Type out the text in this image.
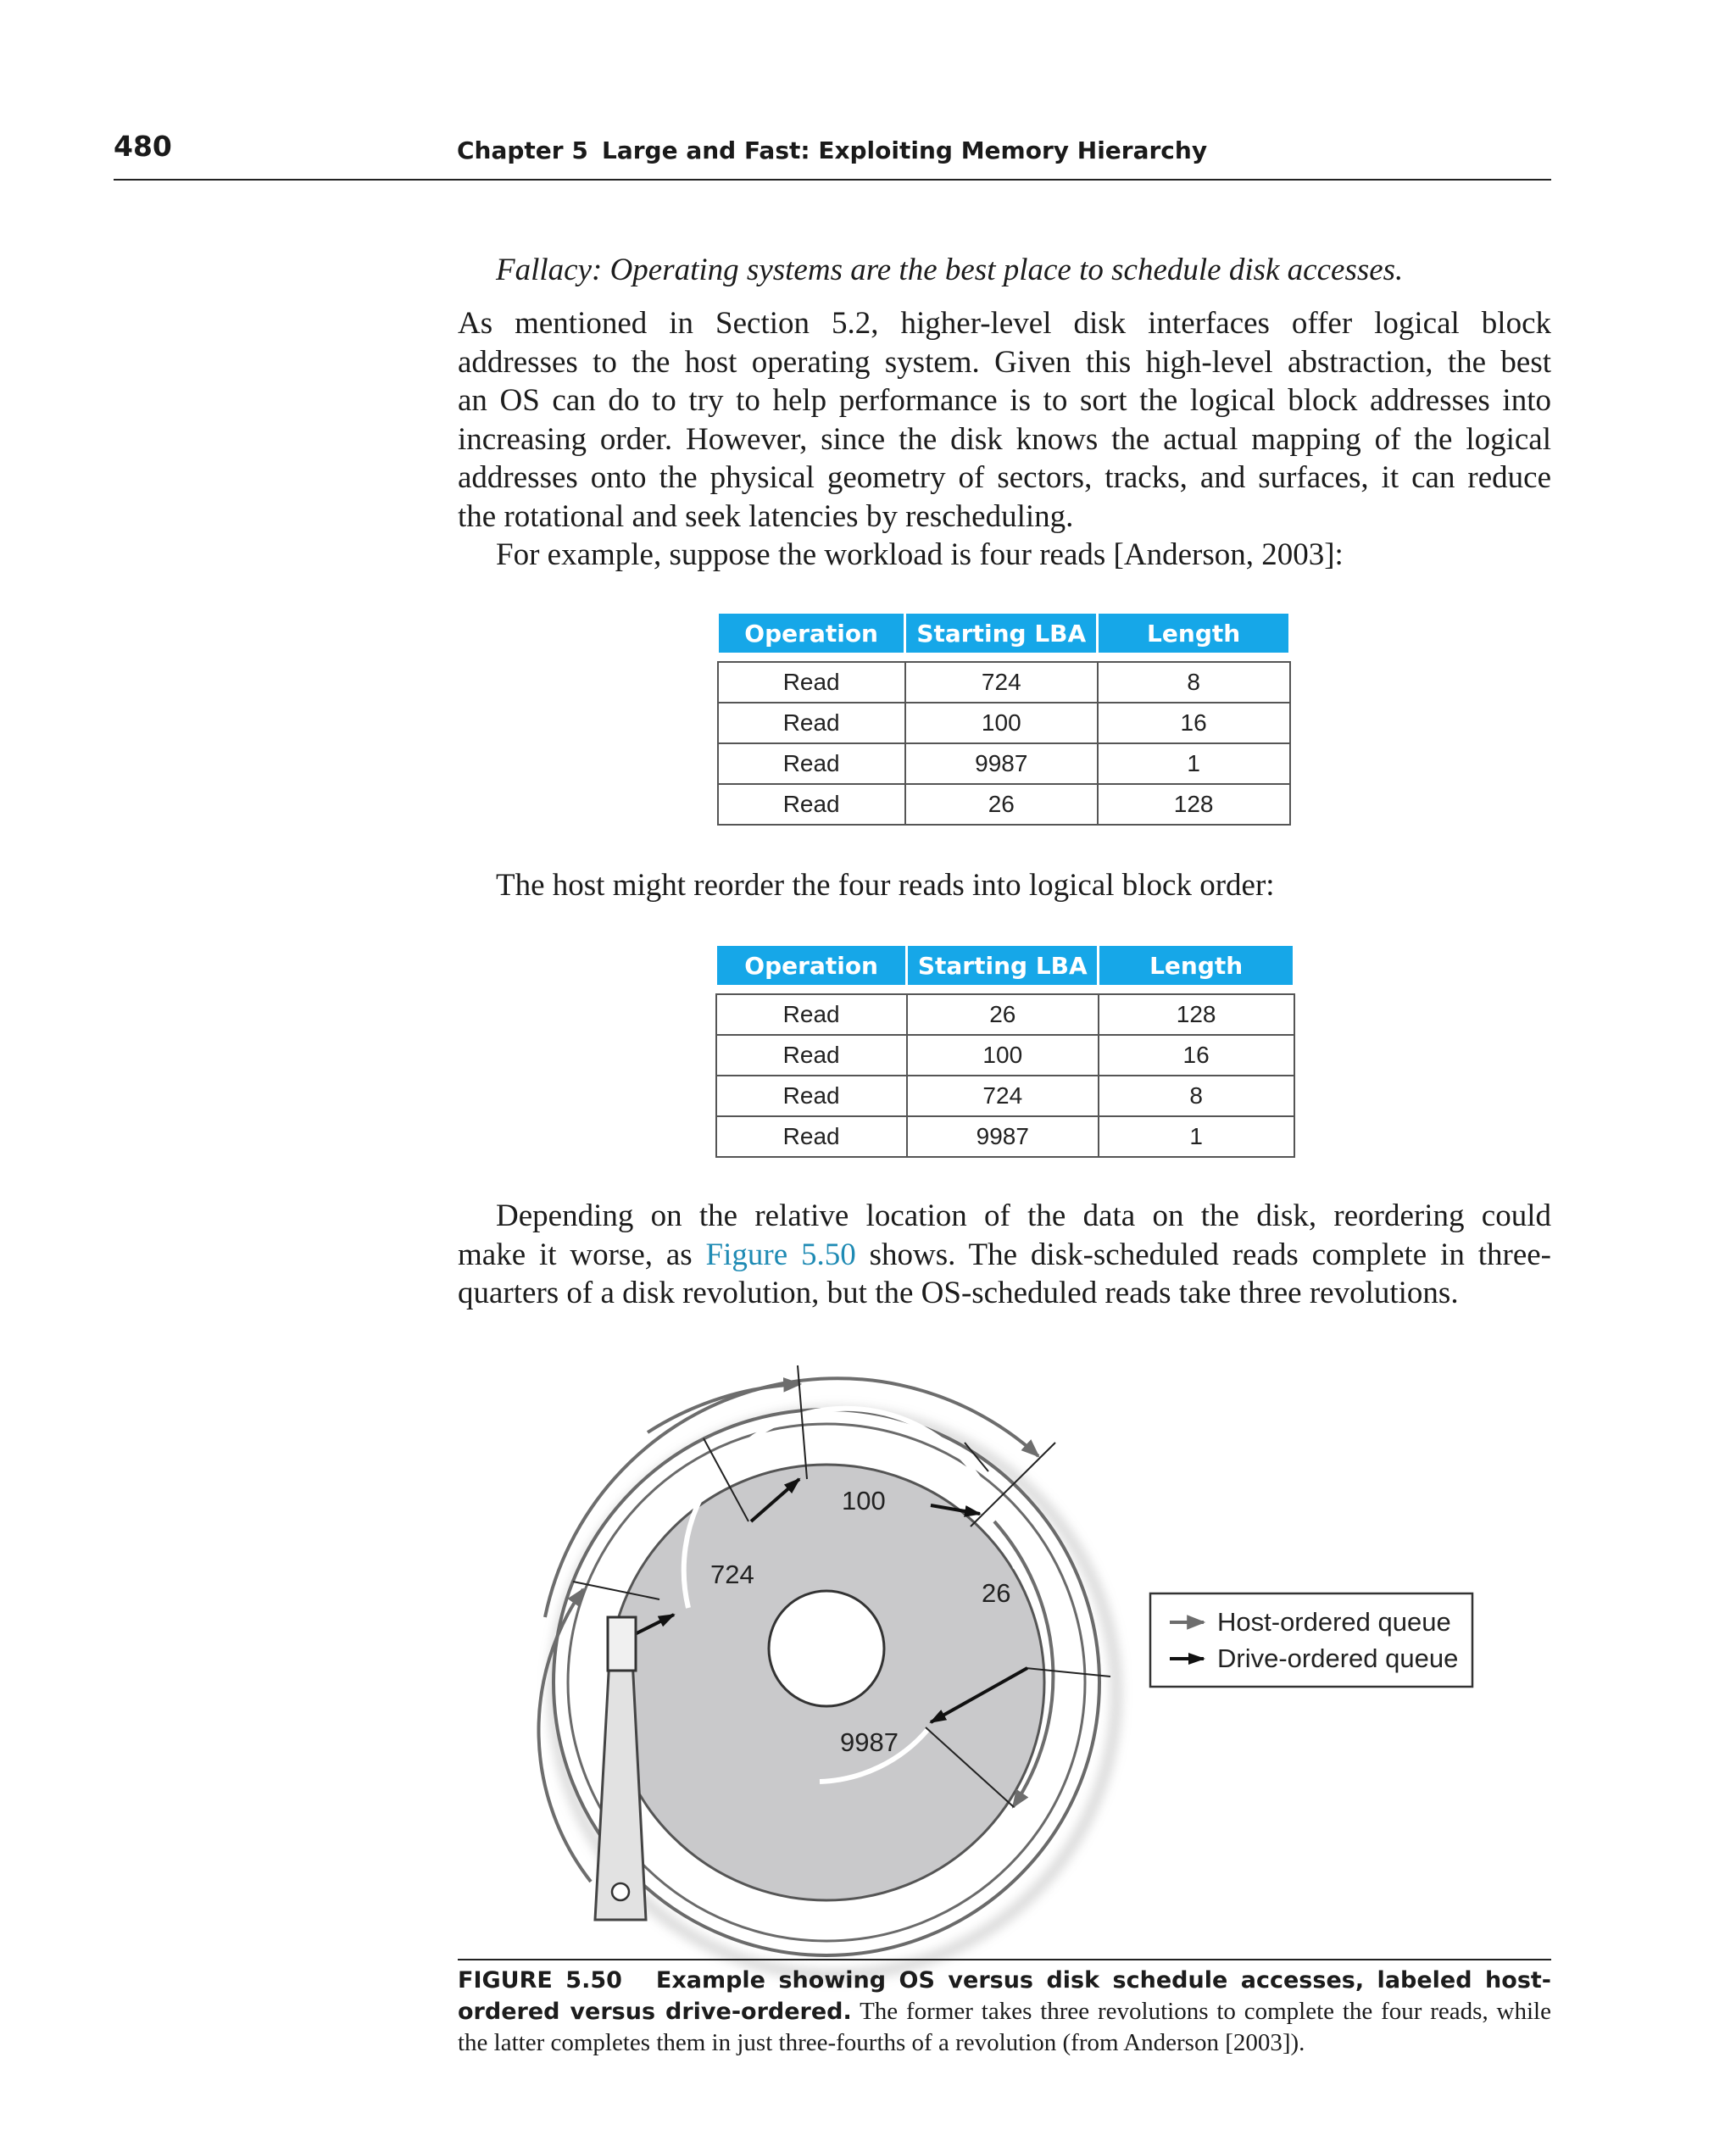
480	Chapter 5 Large and Fast: Exploiting Memory Hierarchy
Fallacy: Operating systems are the best place to schedule disk accesses.
As mentioned in Section 5.2, higher-level disk interfaces offer logical block
addresses to the host operating system. Given this high-level abstraction, the best
an OS can do to try to help performance is to sort the logical block addresses into
increasing order. However, since the disk knows the actual mapping of the logical
addresses onto the physical geometry of sectors, tracks, and surfaces, it can reduce
the rotational and seek latencies by rescheduling.
For example, suppose the workload is four reads [Anderson, 2003]:
Operation	Starting LBA	Length

Read	724	8
Read	100	16
Read	9987	1
Read	26	128
The host might reorder the four reads into logical block order:
Operation	Starting LBA	Length

Read	26	128
Read	100	16
Read	724	8
Read	9987	1
Depending on the relative location of the data on the disk, reordering could
make it worse, as Figure 5.50 shows. The disk-scheduled reads complete in three-
quarters of a disk revolution, but the OS-scheduled reads take three revolutions.
100
724
26
9987
Host-ordered queue
Drive-ordered queue
FIGURE 5.50 Example showing OS versus disk schedule accesses, labeled host-ordered versus drive-ordered. The former takes three revolutions to complete the four reads, while the latter completes them in just three-fourths of a revolution (from Anderson [2003]).
